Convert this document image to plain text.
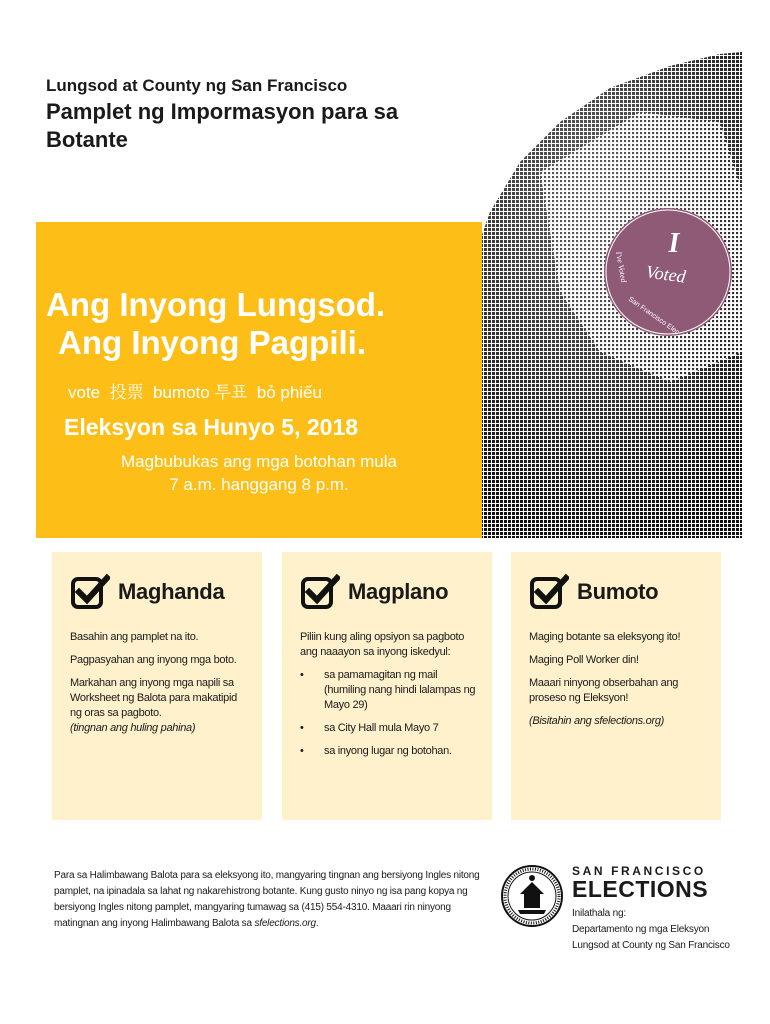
Lungsod at County ng San Francisco
Pamplet ng Impormasyon para sa Botante
I
Voted
I've Voted
San Francisco Elec
Ang Inyong Lungsod.
Ang Inyong Pagpili.
vote  投票  bumoto 투표  bỏ phiếu
Eleksyon sa Hunyo 5, 2018
Magbubukas ang mga botohan mula
7 a.m. hanggang 8 p.m.
Maghanda

Basahin ang pamplet na ito.

Pagpasyahan ang inyong mga boto.

Markahan ang inyong mga napili sa Worksheet ng Balota para makatipid ng oras sa pagboto.

(tingnan ang huling pahina)

Magplano

Piliin kung aling opsiyon sa pagboto ang naaayon sa inyong iskedyul:

• sa pamamagitan ng mail (humiling nang hindi lalampas ng Mayo 29)
• sa City Hall mula Mayo 7
• sa inyong lugar ng botohan.
Bumoto

Maging botante sa eleksyong ito!

Maging Poll Worker din!

Maaari ninyong obserbahan ang proseso ng Eleksyon!

(Bisitahin ang sfelections.org)

Para sa Halimbawang Balota para sa eleksyong ito, mangyaring tingnan ang bersiyong Ingles nitong pamplet, na ipinadala sa lahat ng nakarehistrong botante. Kung gusto ninyo ng isa pang kopya ng bersiyong Ingles nitong pamplet, mangyaring tumawag sa (415) 554-4310. Maaari rin ninyong matingnan ang inyong Halimbawang Balota sa sfelections.org.
SAN FRANCISCO
ELECTIONS
Inilathala ng:
Departamento ng mga Eleksyon
Lungsod at County ng San Francisco
